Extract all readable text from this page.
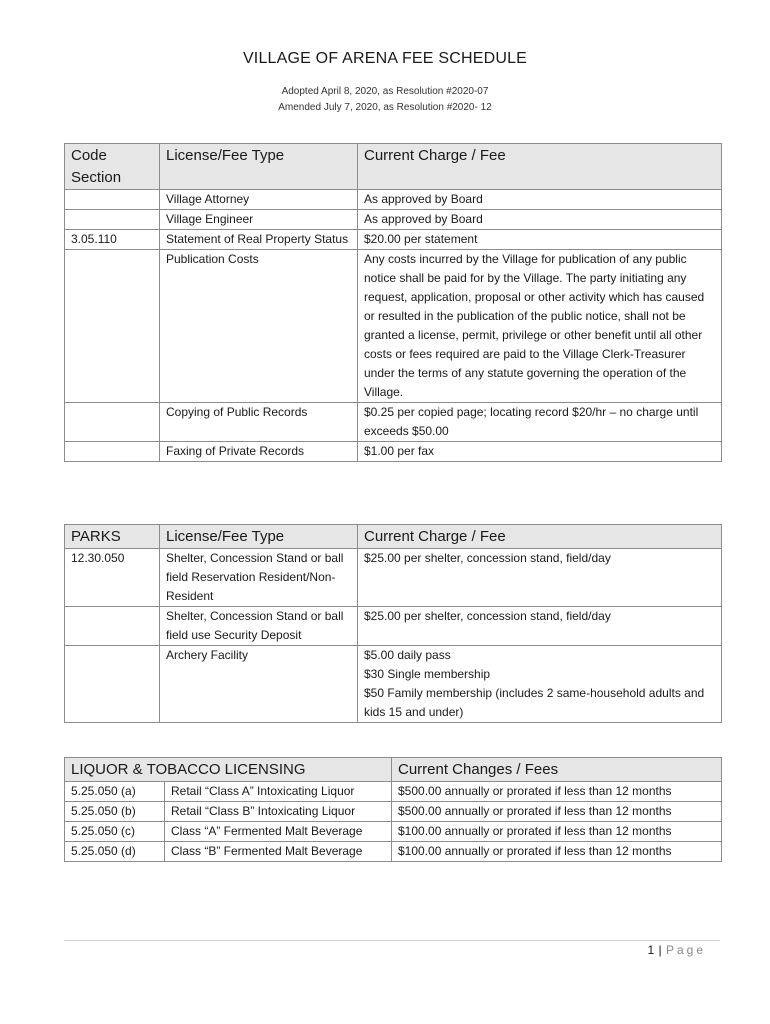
VILLAGE OF ARENA FEE SCHEDULE
Adopted April 8, 2020, as Resolution #2020-07
Amended July 7, 2020, as Resolution #2020- 12
Code Section	License/Fee Type	Current Charge / Fee
	Village Attorney	As approved by Board
	Village Engineer	As approved by Board
3.05.110	Statement of Real Property Status	$20.00 per statement
	Publication Costs	Any costs incurred by the Village for publication of any public notice shall be paid for by the Village. The party initiating any request, application, proposal or other activity which has caused or resulted in the publication of the public notice, shall not be granted a license, permit, privilege or other benefit until all other costs or fees required are paid to the Village Clerk-Treasurer under the terms of any statute governing the operation of the Village.
	Copying of Public Records	$0.25 per copied page; locating record $20/hr – no charge until exceeds $50.00
	Faxing of Private Records	$1.00 per fax
PARKS	License/Fee Type	Current Charge / Fee
12.30.050	Shelter, Concession Stand or ball field Reservation Resident/Non-Resident	$25.00 per shelter, concession stand, field/day
	Shelter, Concession Stand or ball field use Security Deposit	$25.00 per shelter, concession stand, field/day
	Archery Facility	$5.00 daily pass
$30 Single membership
$50 Family membership (includes 2 same-household adults and kids 15 and under)
LIQUOR & TOBACCO LICENSING		Current Changes / Fees
5.25.050 (a)	Retail “Class A” Intoxicating Liquor	$500.00 annually or prorated if less than 12 months
5.25.050 (b)	Retail “Class B” Intoxicating Liquor	$500.00 annually or prorated if less than 12 months
5.25.050 (c)	Class “A” Fermented Malt Beverage	$100.00 annually or prorated if less than 12 months
5.25.050 (d)	Class “B” Fermented Malt Beverage	$100.00 annually or prorated if less than 12 months
1 | Page
